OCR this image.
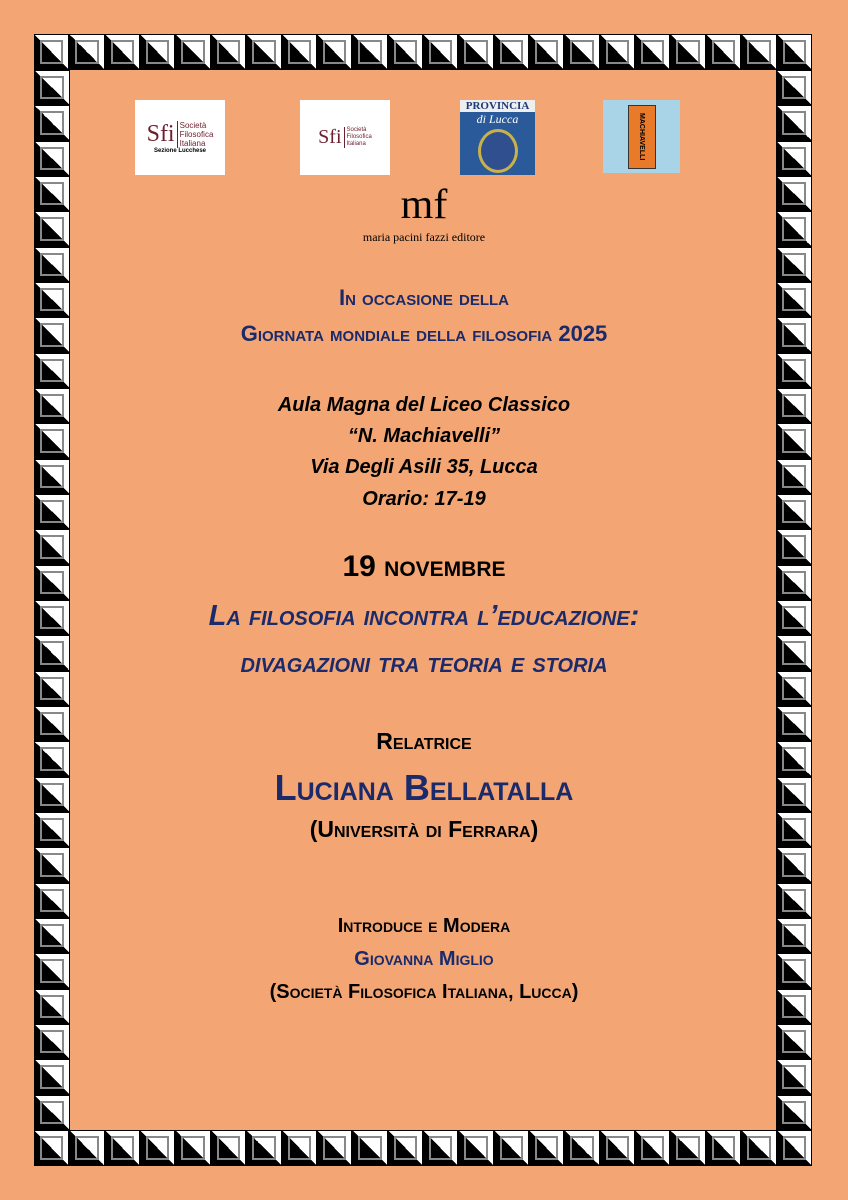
Sfi Società
Filosofica
Italiana
Sezione Lucchese
Sfi Società
Filosofica
Italiana
PROVINCIA
di Lucca	MACHIAVELLI
mf
maria pacini fazzi editore
In occasione della
Giornata mondiale della filosofia 2025
Aula Magna del Liceo Classico
“N. Machiavelli”
Via Degli Asili 35, Lucca
Orario: 17-19
19 novembre
La filosofia incontra l’educazione:
divagazioni tra teoria e storia
Relatrice
Luciana Bellatalla
(Università di Ferrara)
Introduce e Modera
Giovanna Miglio
(Società Filosofica Italiana, Lucca)
